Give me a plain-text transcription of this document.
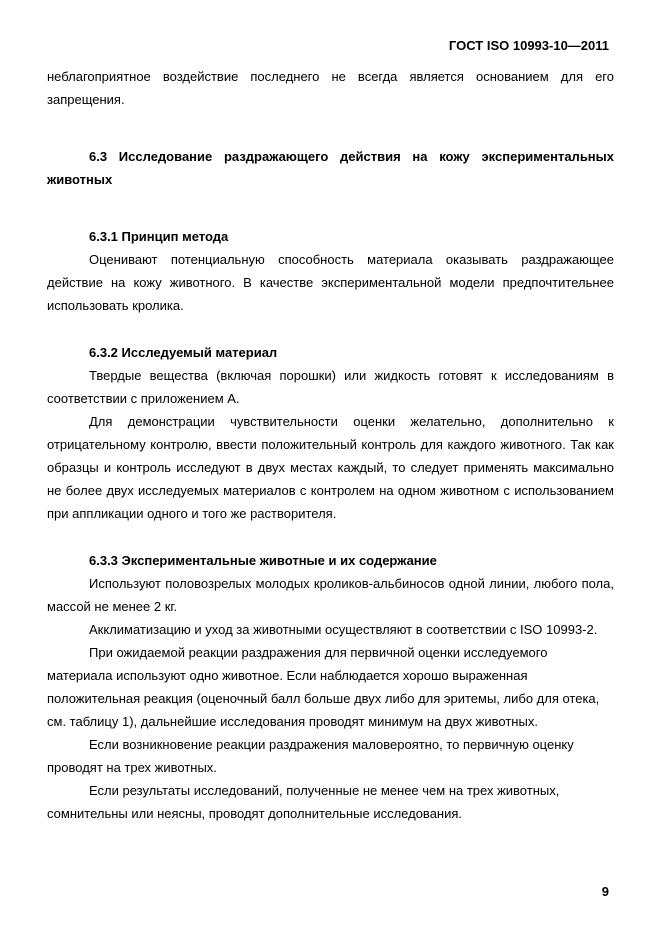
ГОСТ ISO 10993-10—2011

неблагоприятное воздействие последнего не всегда является основанием для его запрещения.

6.3 Исследование раздражающего действия на кожу экспериментальных животных

6.3.1 Принцип метода

Оценивают потенциальную способность материала оказывать раздражающее действие на кожу животного. В качестве экспериментальной модели предпочтительнее использовать кролика.

6.3.2 Исследуемый материал

Твердые вещества (включая порошки) или жидкость готовят к исследованиям в соответствии с приложением А.

Для демонстрации чувствительности оценки желательно, дополнительно к отрицательному контролю, ввести положительный контроль для каждого животного. Так как образцы и контроль исследуют в двух местах каждый, то следует применять максимально не более двух исследуемых материалов с контролем на одном животном с использованием при аппликации одного и того же растворителя.

6.3.3 Экспериментальные животные и их содержание

Используют половозрелых молодых кроликов-альбиносов одной линии, любого пола, массой не менее 2 кг.

Акклиматизацию и уход за животными осуществляют в соответствии с ISO 10993-2.

При ожидаемой реакции раздражения для первичной оценки исследуемого материала используют одно животное. Если наблюдается хорошо выраженная положительная реакция (оценочный балл больше двух либо для эритемы, либо для отека, см. таблицу 1), дальнейшие исследования проводят минимум на двух животных.

Если возникновение реакции раздражения маловероятно, то первичную оценку проводят на трех животных.

Если результаты исследований, полученные не менее чем на трех животных, сомнительны или неясны, проводят дополнительные исследования.

9
